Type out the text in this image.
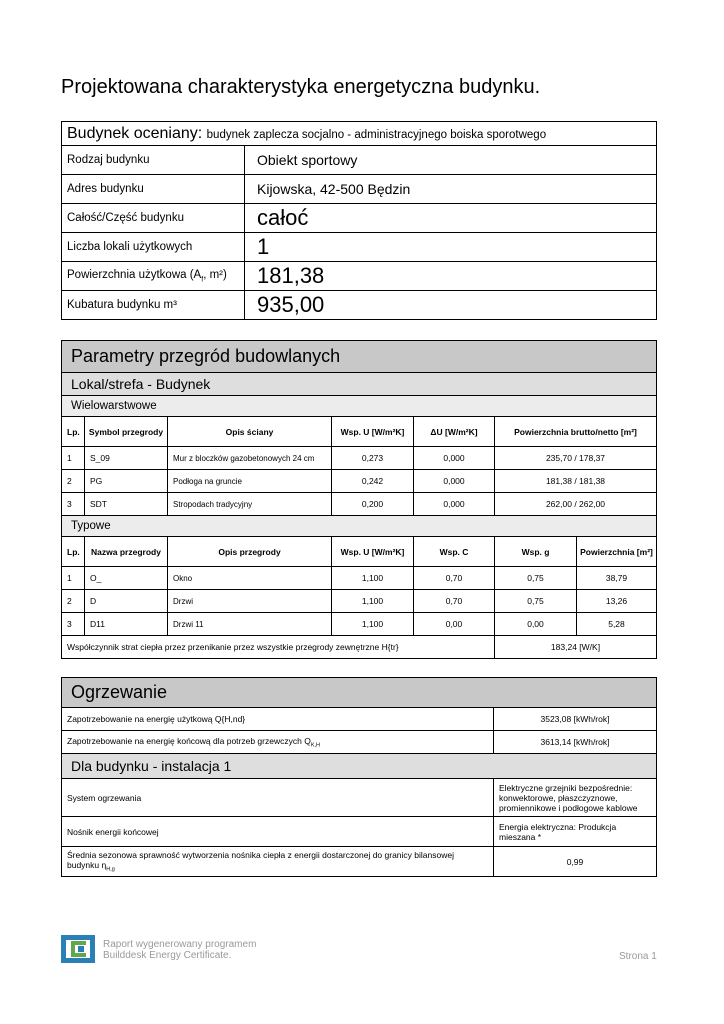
Projektowana charakterystyka energetyczna budynku.
Budynek oceniany: budynek zaplecza socjalno - administracyjnego boiska sporotwego	
Rodzaj budynku	Obiekt sportowy
Adres budynku	Kijowska, 42-500 Będzin
Całość/Część budynku	całoć
Liczba lokali użytkowych	1
Powierzchnia użytkowa ($A_f$, m²)	181,38
Kubatura budynku m³	935,00
Parametry przegród budowlanych						
Lokal/strefa - Budynek						
Wielowarstwowe						
Lp.	Symbol przegrody	Opis ściany	Wsp. U [W/m²K]	ΔU [W/m²K]	Powierzchnia brutto/netto [m²]	
1	S_09	Mur z bloczków gazobetonowych 24 cm	0,273	0,000	235,70 / 178,37	
2	PG	Podłoga na gruncie	0,242	0,000	181,38 / 181,38	
3	SDT	Stropodach tradycyjny	0,200	0,000	262,00 / 262,00	
Typowe						
Lp.	Nazwa przegrody	Opis przegrody	Wsp. U [W/m²K]	Wsp. C	Wsp. g	Powierzchnia [m²]
1	O_	Okno	1,100	0,70	0,75	38,79
2	D	Drzwi	1,100	0,70	0,75	13,26
3	D11	Drzwi 11	1,100	0,00	0,00	5,28
Współczynnik strat ciepła przez przenikanie przez wszystkie przegrody zewnętrzne H{tr}					183,24 [W/K]	
Ogrzewanie	
Zapotrzebowanie na energię użytkową Q{H,nd}	3523,08 [kWh/rok]
Zapotrzebowanie na energię końcową dla potrzeb grzewczych $Q_{K,H}$	3613,14 [kWh/rok]
Dla budynku - instalacja 1	
System ogrzewania	Elektryczne grzejniki bezpośrednie: konwektorowe, płaszczyznowe, promiennikowe i podłogowe kablowe
Nośnik energii końcowej	Energia elektryczna: Produkcja mieszana *
Średnia sezonowa sprawność wytworzenia nośnika ciepła z energii dostarczonej do granicy bilansowej budynku $\eta_{H,g}$	0,99
Raport wygenerowany programem
Builddesk Energy Certificate.	Strona 1
